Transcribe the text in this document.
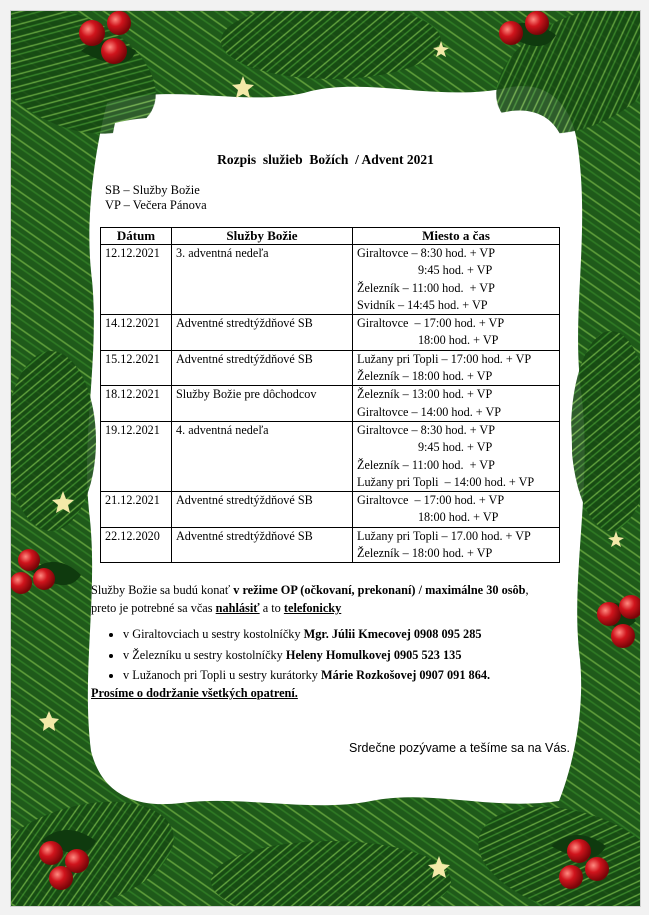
Rozpis  služieb  Božích  / Advent 2021
SB – Služby Božie
VP – Večera Pánova
Dátum	Služby Božie	Miesto a čas
12.12.2021	3. adventná nedeľa	Giraltovce – 8:30 hod. + VP
9:45 hod. + VP
Železník – 11:00 hod.  + VP
Svidník – 14:45 hod. + VP

14.12.2021	Adventné stredtýždňové SB	Giraltovce  – 17:00 hod. + VP
18:00 hod. + VP

15.12.2021	Adventné stredtýždňové SB	Lužany pri Topli – 17:00 hod. + VP
Železník – 18:00 hod. + VP

18.12.2021	Služby Božie pre dôchodcov	Železník – 13:00 hod. + VP
Giraltovce – 14:00 hod. + VP

19.12.2021	4. adventná nedeľa	Giraltovce – 8:30 hod. + VP
9:45 hod. + VP
Železník – 11:00 hod.  + VP
Lužany pri Topli  – 14:00 hod. + VP

21.12.2021	Adventné stredtýždňové SB	Giraltovce  – 17:00 hod. + VP
18:00 hod. + VP

22.12.2020	Adventné stredtýždňové SB	Lužany pri Topli – 17.00 hod. + VP
Železník – 18:00 hod. + VP
Služby Božie sa budú konať v režime OP (očkovaní, prekonaní) / maximálne 30 osôb,
preto je potrebné sa včas nahlásiť a to telefonicky
• v Giraltovciach u sestry kostolníčky Mgr. Júlii Kmecovej 0908 095 285
• v Železníku u sestry kostolníčky Heleny Homulkovej 0905 523 135
• v Lužanoch pri Topli u sestry kurátorky Márie Rozkošovej 0907 091 864.
Prosíme o dodržanie všetkých opatrení.
Srdečne pozývame a tešíme sa na Vás.
